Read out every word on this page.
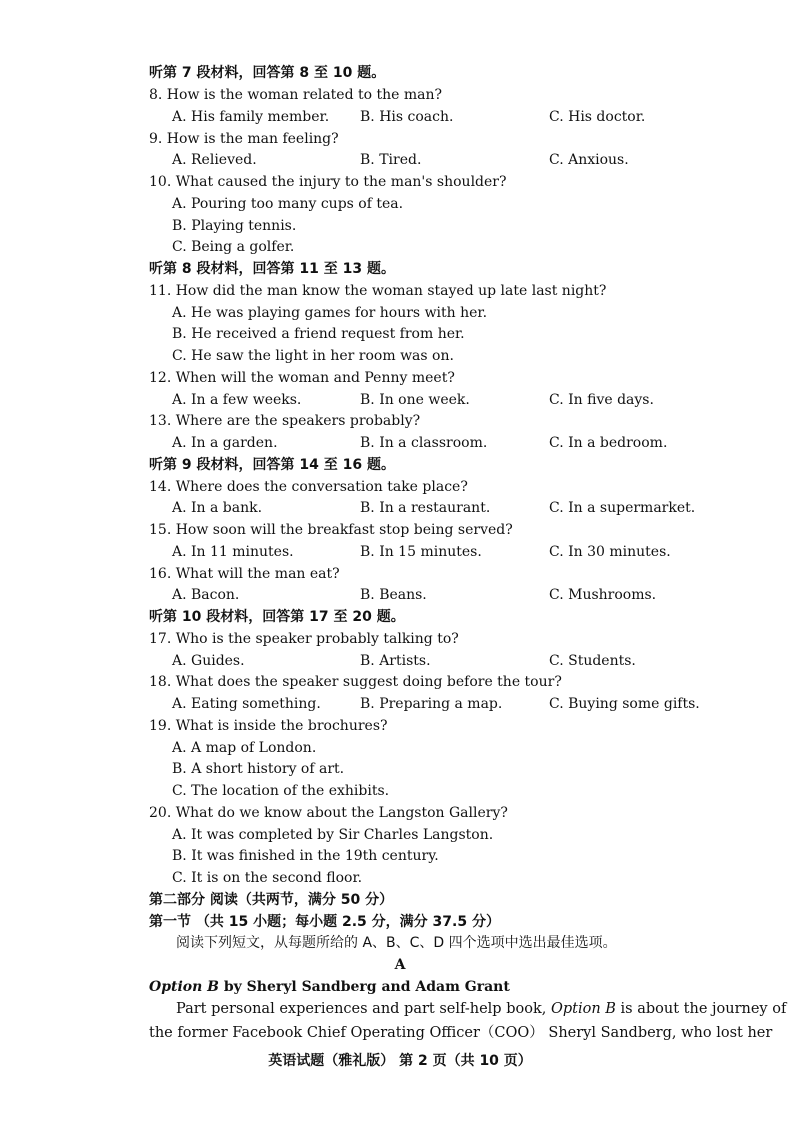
听第 7 段材料，回答第 8 至 10 题。
8. How is the woman related to the man?
A. His family member. B. His coach.	C. His doctor.
9. How is the man feeling?
A. Relieved.	B. Tired.	C. Anxious.
10. What caused the injury to the man's shoulder?
A. Pouring too many cups of tea.
B. Playing tennis.
C. Being a golfer.
听第 8 段材料，回答第 11 至 13 题。
11. How did the man know the woman stayed up late last night?
A. He was playing games for hours with her.
B. He received a friend request from her.
C. He saw the light in her room was on.
12. When will the woman and Penny meet?
A. In a few weeks.	B. In one week.	C. In five days.
13. Where are the speakers probably?
A. In a garden.	B. In a classroom.	C. In a bedroom.
听第 9 段材料，回答第 14 至 16 题。
14. Where does the conversation take place?
A. In a bank.	B. In a restaurant.	C. In a supermarket.
15. How soon will the breakfast stop being served?
A. In 11 minutes.	B. In 15 minutes.	C. In 30 minutes.
16. What will the man eat?
A. Bacon.	B. Beans.	C. Mushrooms.
听第 10 段材料，回答第 17 至 20 题。
17. Who is the speaker probably talking to?
A. Guides.	B. Artists.	C. Students.
18. What does the speaker suggest doing before the tour?
A. Eating something.	B. Preparing a map.	C. Buying some gifts.
19. What is inside the brochures?
A. A map of London.
B. A short history of art.
C. The location of the exhibits.
20. What do we know about the Langston Gallery?
A. It was completed by Sir Charles Langston.
B. It was finished in the 19th century.
C. It is on the second floor.
第二部分 阅读（共两节，满分 50 分）
第一节 （共 15 小题；每小题 2.5 分，满分 37.5 分）
阅读下列短文，从每题所给的 A、B、C、D 四个选项中选出最佳选项。
A
Option B by Sheryl Sandberg and Adam Grant
Part personal experiences and part self-help book, Option B is about the journey of
the former Facebook Chief Operating Officer（COO） Sheryl Sandberg, who lost her
英语试题（雅礼版） 第 2 页（共 10 页）
